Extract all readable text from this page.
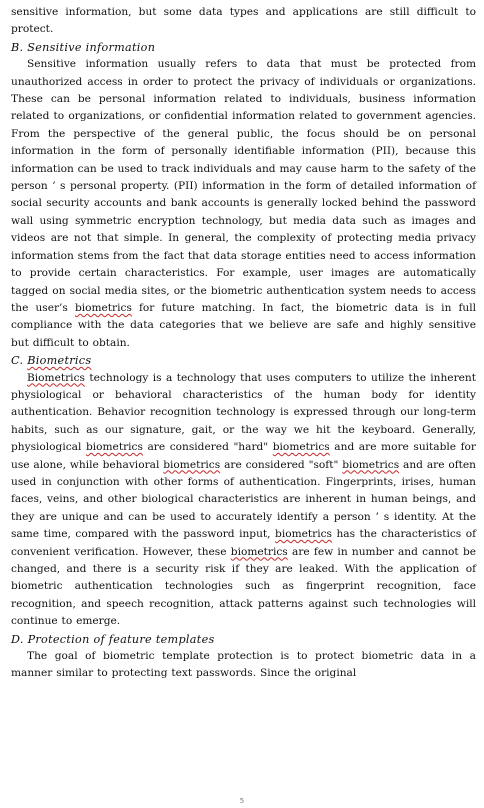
sensitive information, but some data types and applications are still difficult to protect.

B. Sensitive information

Sensitive information usually refers to data that must be protected from unauthorized access in order to protect the privacy of individuals or organizations. These can be personal information related to individuals, business information related to organizations, or confidential information related to government agencies. From the perspective of the general public, the focus should be on personal information in the form of personally identifiable information (PII), because this information can be used to track individuals and may cause harm to the safety of the person ’ s personal property. (PII) information in the form of detailed information of social security accounts and bank accounts is generally locked behind the password wall using symmetric encryption technology, but media data such as images and videos are not that simple. In general, the complexity of protecting media privacy information stems from the fact that data storage entities need to access information to provide certain characteristics. For example, user images are automatically tagged on social media sites, or the biometric authentication system needs to access the user’s biometrics for future matching. In fact, the biometric data is in full compliance with the data categories that we believe are safe and highly sensitive but difficult to obtain.

C. Biometrics

Biometrics technology is a technology that uses computers to utilize the inherent physiological or behavioral characteristics of the human body for identity authentication. Behavior recognition technology is expressed through our long-term habits, such as our signature, gait, or the way we hit the keyboard. Generally, physiological biometrics are considered "hard" biometrics and are more suitable for use alone, while behavioral biometrics are considered "soft" biometrics and are often used in conjunction with other forms of authentication. Fingerprints, irises, human faces, veins, and other biological characteristics are inherent in human beings, and they are unique and can be used to accurately identify a person ’ s identity. At the same time, compared with the password input, biometrics has the characteristics of convenient verification. However, these biometrics are few in number and cannot be changed, and there is a security risk if they are leaked. With the application of biometric authentication technologies such as fingerprint recognition, face recognition, and speech recognition, attack patterns against such technologies will continue to emerge.

D. Protection of feature templates

The goal of biometric template protection is to protect biometric data in a manner similar to protecting text passwords. Since the original

5
